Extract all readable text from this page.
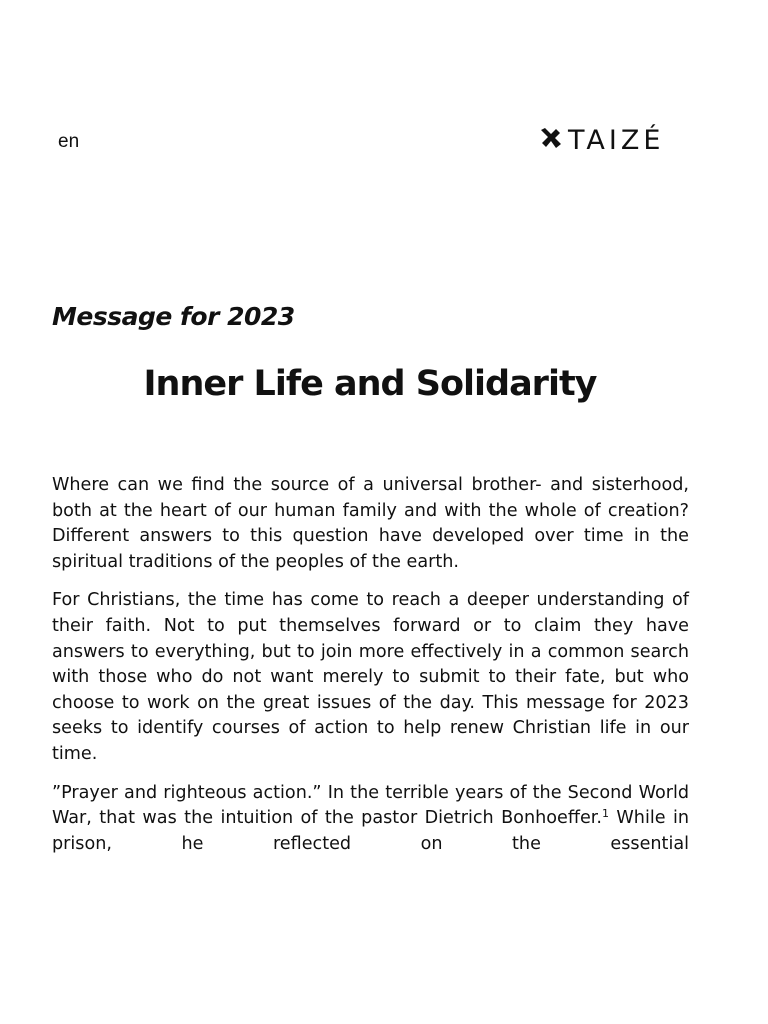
en	TAIZÉ
Message for 2023
Inner Life and Solidarity

Where can we find the source of a universal brother- and sisterhood, both at the heart of our human family and with the whole of creation? Different answers to this question have developed over time in the spiritual traditions of the peoples of the earth.

For Christians, the time has come to reach a deeper understanding of their faith. Not to put themselves forward or to claim they have answers to everything, but to join more effectively in a common search with those who do not want merely to submit to their fate, but who choose to work on the great issues of the day. This message for 2023 seeks to identify courses of action to help renew Christian life in our time.

”Prayer and righteous action.” In the terrible years of the Second World War, that was the intuition of the pastor Dietrich Bonhoeffer.$^1$ While in prison, he reflected on the essential
